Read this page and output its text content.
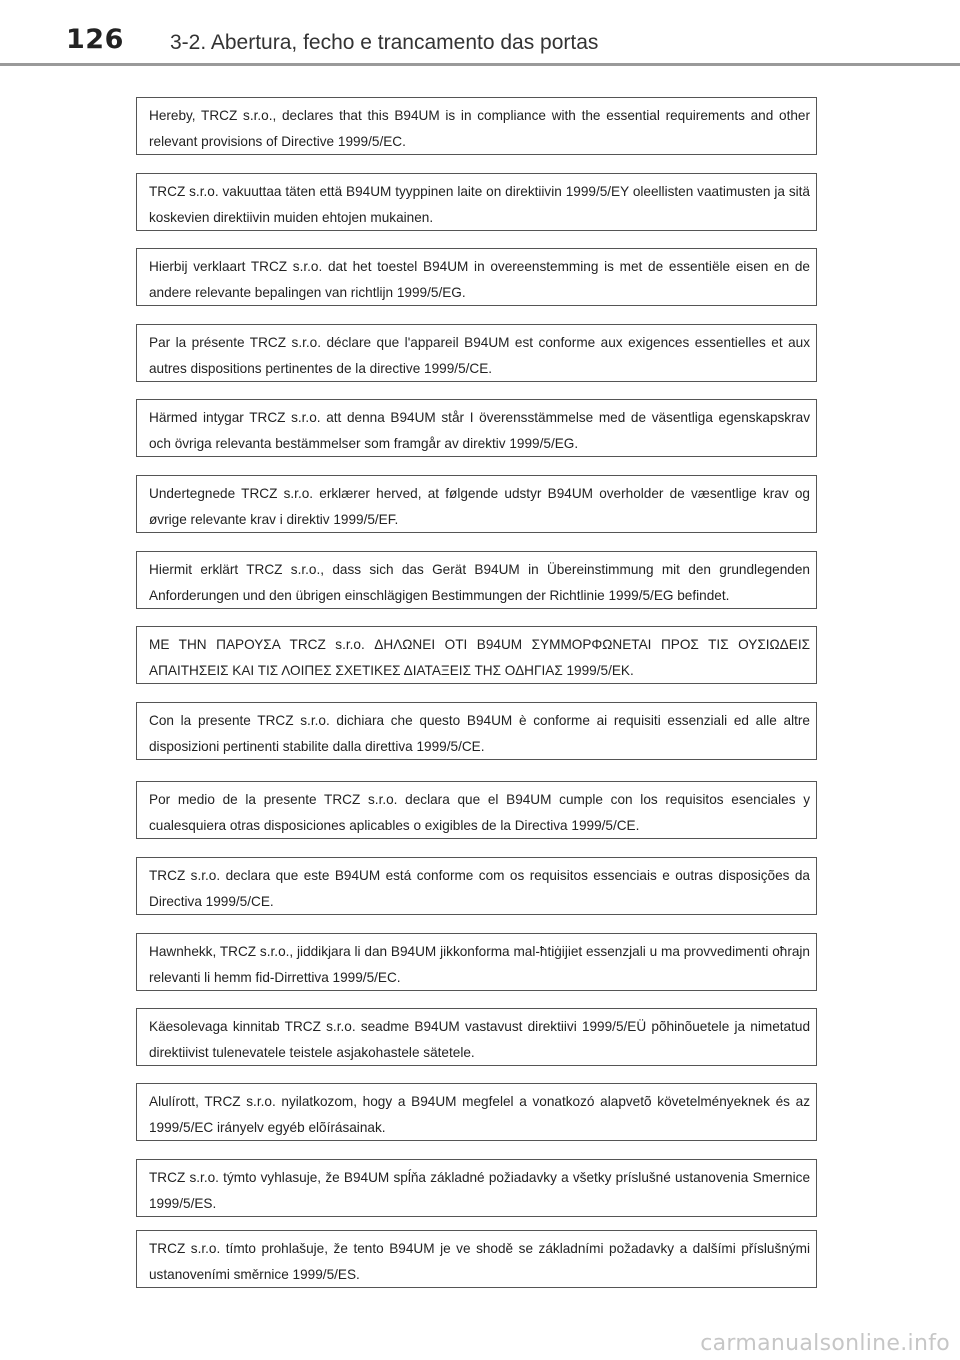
126 3-2. Abertura, fecho e trancamento das portas
Hereby, TRCZ s.r.o., declares that this B94UM is in compliance with the essential requirements and other relevant provisions of Directive 1999/5/EC.
TRCZ s.r.o. vakuuttaa täten että B94UM tyyppinen laite on direktiivin 1999/5/EY oleellisten vaatimusten ja sitä koskevien direktiivin muiden ehtojen mukainen.
Hierbij verklaart TRCZ s.r.o. dat het toestel B94UM in overeenstemming is met de essentiële eisen en de andere relevante bepalingen van richtlijn 1999/5/EG.
Par la présente TRCZ s.r.o. déclare que l'appareil B94UM est conforme aux exigences essentielles et aux autres dispositions pertinentes de la directive 1999/5/CE.
Härmed intygar TRCZ s.r.o. att denna B94UM står I överensstämmelse med de väsentliga egenskapskrav och övriga relevanta bestämmelser som framgår av direktiv 1999/5/EG.
Undertegnede TRCZ s.r.o. erklærer herved, at følgende udstyr B94UM overholder de væsentlige krav og øvrige relevante krav i direktiv 1999/5/EF.
Hiermit erklärt TRCZ s.r.o., dass sich das Gerät B94UM in Übereinstimmung mit den grundlegenden Anforderungen und den übrigen einschlägigen Bestimmungen der Richtlinie 1999/5/EG befindet.
ΜΕ ΤΗΝ ΠΑΡΟΥΣΑ TRCZ s.r.o. ΔΗΛΩΝΕΙ ΟΤΙ B94UM ΣΥΜΜΟΡΦΩΝΕΤΑΙ ΠΡΟΣ ΤΙΣ ΟΥΣΙΩΔΕΙΣ ΑΠΑΙΤΗΣΕΙΣ ΚΑΙ ΤΙΣ ΛΟΙΠΕΣ ΣΧΕΤΙΚΕΣ ΔΙΑΤΑΞΕΙΣ ΤΗΣ ΟΔΗΓΙΑΣ 1999/5/ΕΚ.
Con la presente TRCZ s.r.o. dichiara che questo B94UM è conforme ai requisiti essenziali ed alle altre disposizioni pertinenti stabilite dalla direttiva 1999/5/CE.
Por medio de la presente TRCZ s.r.o. declara que el B94UM cumple con los requisitos esenciales y cualesquiera otras disposiciones aplicables o exigibles de la Directiva 1999/5/CE.
TRCZ s.r.o. declara que este B94UM está conforme com os requisitos essenciais e outras disposições da Directiva 1999/5/CE.
Hawnhekk, TRCZ s.r.o., jiddikjara li dan B94UM jikkonforma mal-ħtiġijiet essenzjali u ma provvedimenti oħrajn relevanti li hemm fid-Dirrettiva 1999/5/EC.
Käesolevaga kinnitab TRCZ s.r.o. seadme B94UM vastavust direktiivi 1999/5/EÜ põhinõuetele ja nimetatud direktiivist tulenevatele teistele asjakohastele sätetele.
Alulírott, TRCZ s.r.o. nyilatkozom, hogy a B94UM megfelel a vonatkozó alapvetõ követelményeknek és az 1999/5/EC irányelv egyéb elõírásainak.
TRCZ s.r.o. týmto vyhlasuje, že B94UM spĺňa základné požiadavky a všetky príslušné ustanovenia Smernice 1999/5/ES.
TRCZ s.r.o. tímto prohlašuje, že tento B94UM je ve shodě se základními požadavky a dalšími příslušnými ustanoveními směrnice 1999/5/ES.
carmanualsonline.info
